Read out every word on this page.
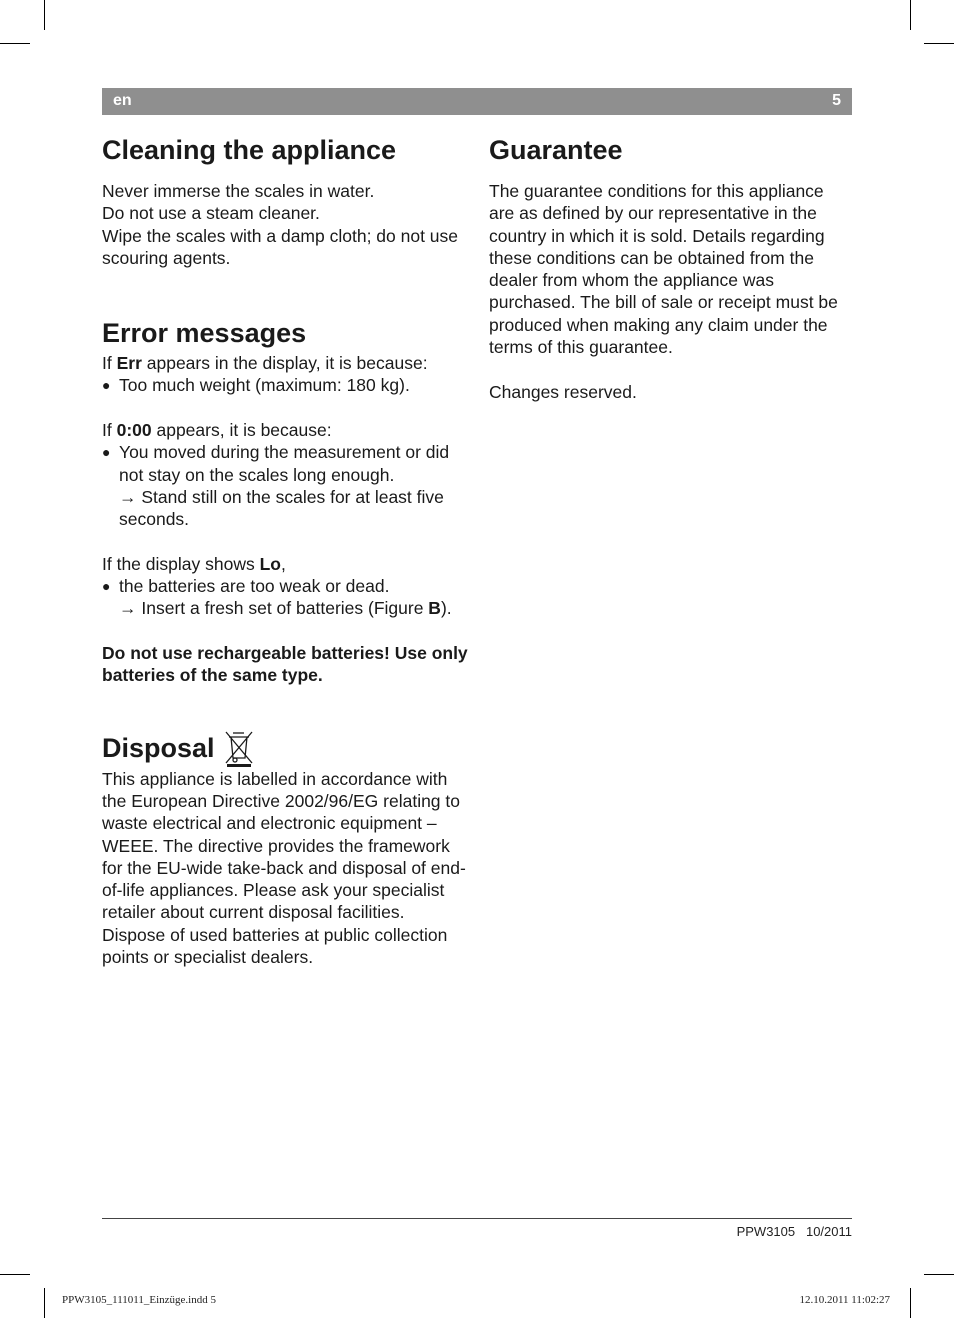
en	5
Cleaning the appliance

Never immerse the scales in water.

Do not use a steam cleaner.

Wipe the scales with a damp cloth; do not use scouring agents.

Error messages

If Err appears in the display, it is because:

● Too much weight (maximum: 180 kg).

If 0:00 appears, it is because:

● You moved during the measurement or did not stay on the scales long enough.
→ Stand still on the scales for at least five seconds.

If the display shows Lo,

● the batteries are too weak or dead.
→ Insert a fresh set of batteries (Figure B).

Do not use rechargeable batteries! Use only batteries of the same type.

Disposal

This appliance is labelled in accordance with the European Directive 2002/96/EG relating to waste electrical and electronic equipment – WEEE. The directive provides the framework for the EU-wide take-back and disposal of end-of-life appliances. Please ask your specialist retailer about current disposal facilities.

Dispose of used batteries at public collection points or specialist dealers.

Guarantee

The guarantee conditions for this appliance are as defined by our representative in the country in which it is sold. Details regarding these conditions can be obtained from the dealer from whom the appliance was purchased. The bill of sale or receipt must be produced when making any claim under the terms of this guarantee.

Changes reserved.

PPW3105 10/2011
PPW3105_111011_Einzüge.indd 5	12.10.2011 11:02:27
